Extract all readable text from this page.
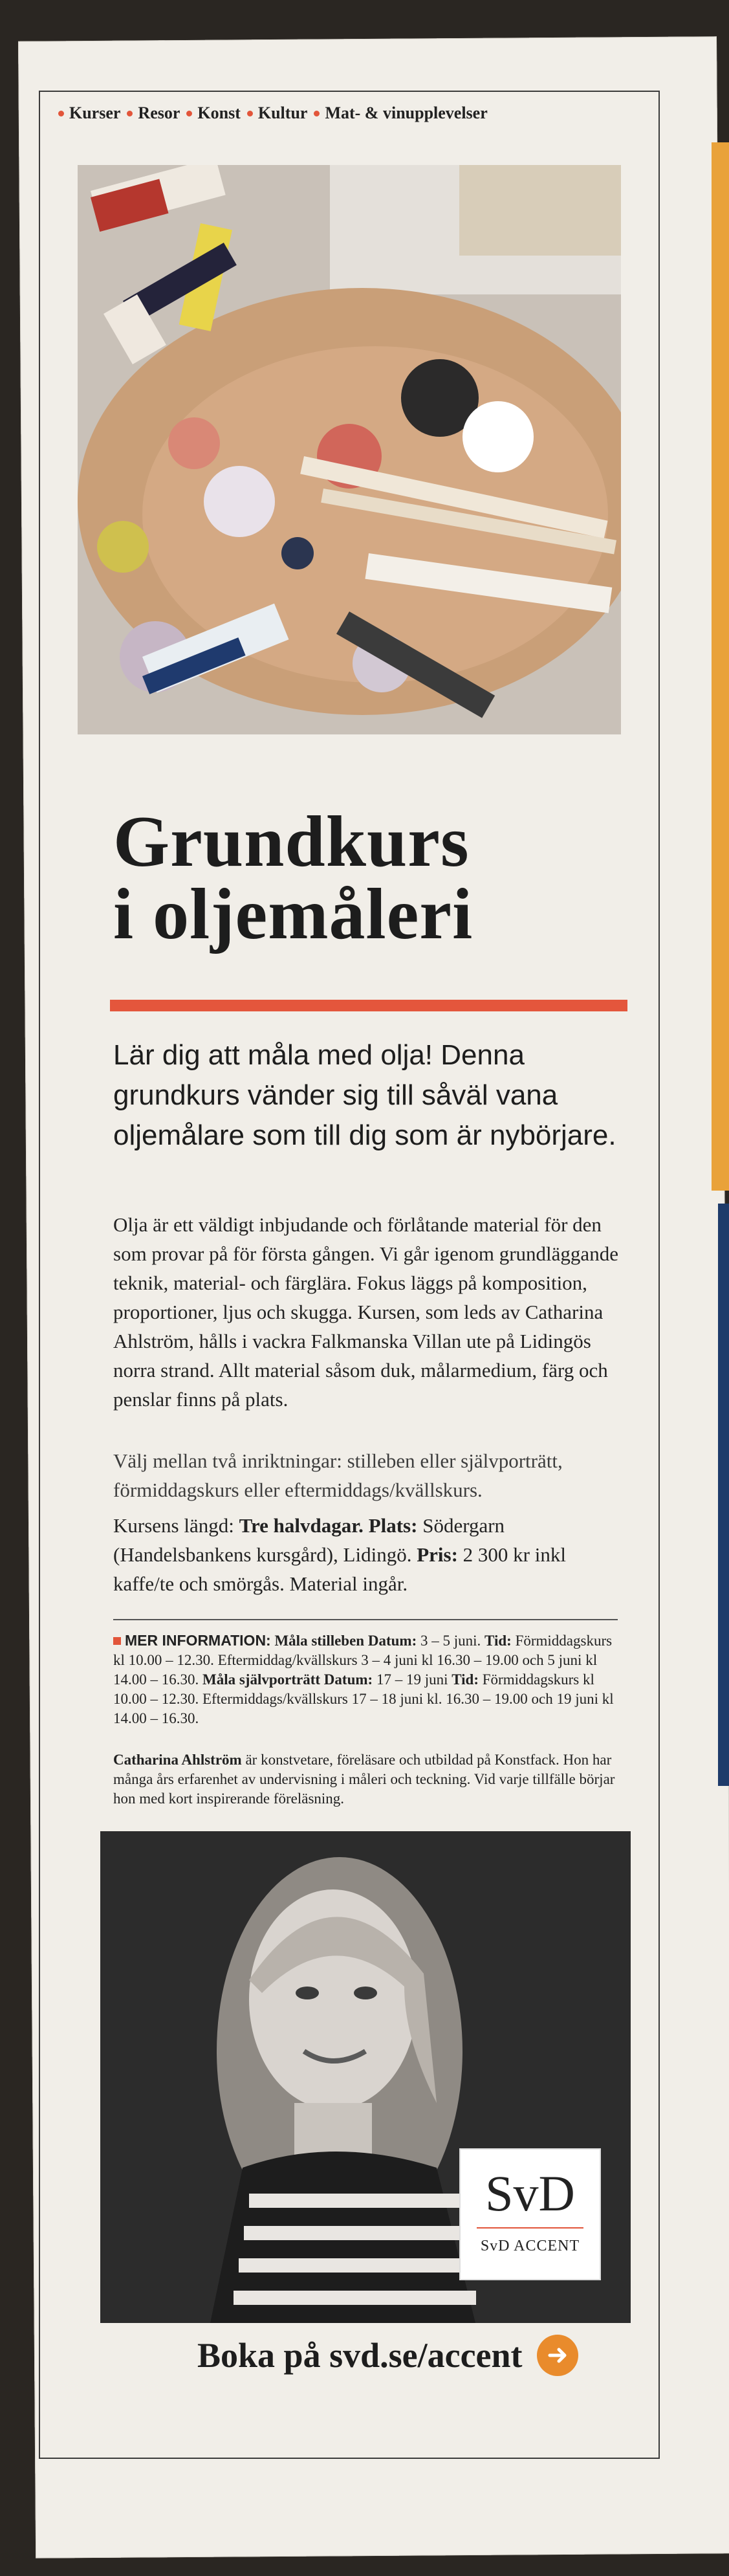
Kurser Resor Konst Kultur Mat- & vinupplevelser
Grundkurs
i oljemåleri
Lär dig att måla med olja! Denna grundkurs vänder sig till såväl vana oljemålare som till dig som är nybörjare.
Olja är ett väldigt inbjudande och förlåtande material för den som provar på för första gången. Vi går igenom grundläggande teknik, material- och färglära. Fokus läggs på komposition, proportioner, ljus och skugga. Kursen, som leds av Catharina Ahlström, hålls i vackra Falkmanska Villan ute på Lidingös norra strand. Allt material såsom duk, målarmedium, färg och penslar finns på plats.
Välj mellan två inriktningar: stilleben eller självporträtt, förmiddagskurs eller eftermiddags/kvällskurs.
Kursens längd: Tre halvdagar. Plats: Södergarn (Handelsbankens kursgård), Lidingö. Pris: 2 300 kr inkl kaffe/te och smörgås. Material ingår.
MER INFORMATION: Måla stilleben Datum: 3 – 5 juni. Tid: Förmiddagskurs kl 10.00 – 12.30. Eftermiddag/kvällskurs 3 – 4 juni kl 16.30 – 19.00 och 5 juni kl 14.00 – 16.30. Måla självporträtt Datum: 17 – 19 juni Tid: Förmiddagskurs kl 10.00 – 12.30. Eftermiddags/kvällskurs 17 – 18 juni kl. 16.30 – 19.00 och 19 juni kl 14.00 – 16.30.
Catharina Ahlström är konstvetare, föreläsare och utbildad på Konstfack. Hon har många års erfarenhet av undervisning i måleri och teckning. Vid varje tillfälle börjar hon med kort inspirerande föreläsning.
SvD
SvD ACCENT
Boka på svd.se/accent
